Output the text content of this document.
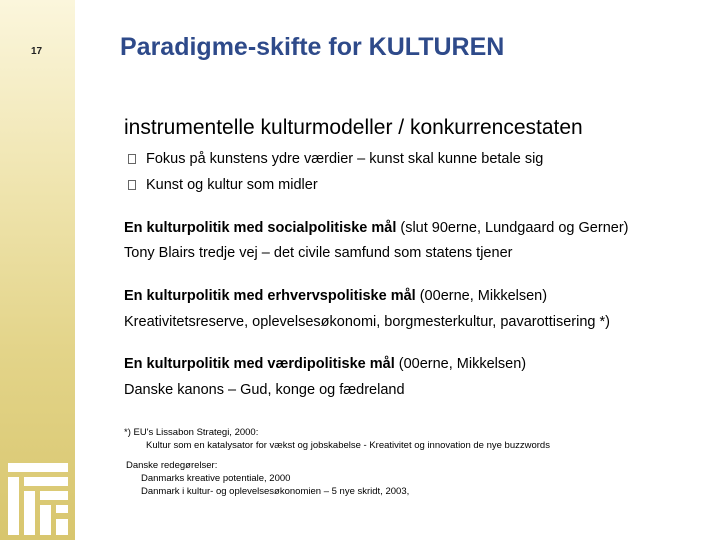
17	Paradigme-skifte for KULTUREN
instrumentelle kulturmodeller / konkurrencestaten
Fokus på kunstens ydre værdier – kunst skal kunne betale sig
Kunst og kultur som midler
En kulturpolitik med socialpolitiske mål (slut 90erne, Lundgaard og Gerner)
Tony Blairs tredje vej – det civile samfund som statens tjener
En kulturpolitik med erhvervspolitiske mål (00erne, Mikkelsen)
Kreativitetsreserve, oplevelsesøkonomi, borgmesterkultur, pavarottisering *)
En kulturpolitik med værdipolitiske mål (00erne, Mikkelsen)
Danske kanons – Gud, konge og fædreland
*) EU's Lissabon Strategi, 2000:
Kultur som en katalysator for vækst og jobskabelse - Kreativitet og innovation de nye buzzwords
Danske redegørelser:
Danmarks kreative potentiale, 2000
Danmark i kultur- og oplevelsesøkonomien – 5 nye skridt, 2003,
